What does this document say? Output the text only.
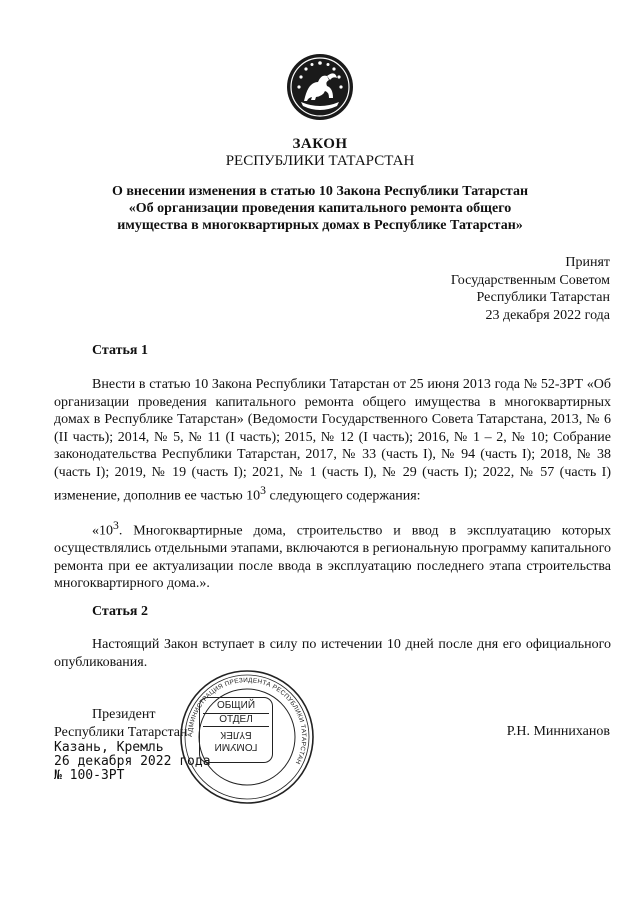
ЗАКОН
РЕСПУБЛИКИ ТАТАРСТАН
О внесении изменения в статью 10 Закона Республики Татарстан
«Об организации проведения капитального ремонта общего
имущества в многоквартирных домах в Республике Татарстан»
Принят
Государственным Советом
Республики Татарстан
23 декабря 2022 года
Статья 1
Внести в статью 10 Закона Республики Татарстан от 25 июня 2013 года № 52-ЗРТ «Об организации проведения капитального ремонта общего имущества в многоквартирных домах в Республике Татарстан» (Ведомости Государственного Совета Татарстана, 2013, № 6 (II часть); 2014, № 5, № 11 (I часть); 2015, № 12 (I часть); 2016, № 1 – 2, № 10; Собрание законодательства Республики Татарстан, 2017, № 33 (часть I), № 94 (часть I); 2018, № 38 (часть I); 2019, № 19 (часть I); 2021, № 1 (часть I), № 29 (часть I); 2022, № 57 (часть I) изменение, дополнив ее частью $10^3$ следующего содержания:
«$10^3$. Многоквартирные дома, строительство и ввод в эксплуатацию которых осуществлялись отдельными этапами, включаются в региональную программу капитального ремонта при ее актуализации после ввода в эксплуатацию последнего этапа строительства многоквартирного дома.».
Статья 2
Настоящий Закон вступает в силу по истечении 10 дней после дня его официального опубликования.
Президент
Республики Татарстан	Р.Н. Минниханов
Казань, Кремль
26 декабря 2022 года
№ 100-ЗРТ
АДМИНИСТРАЦИЯ ПРЕЗИДЕНТА РЕСПУБЛИКИ ТАТАРСТАН
ОБЩИЙ
ОТДЕЛ
БҮЛЕК
ГОМУМИ
